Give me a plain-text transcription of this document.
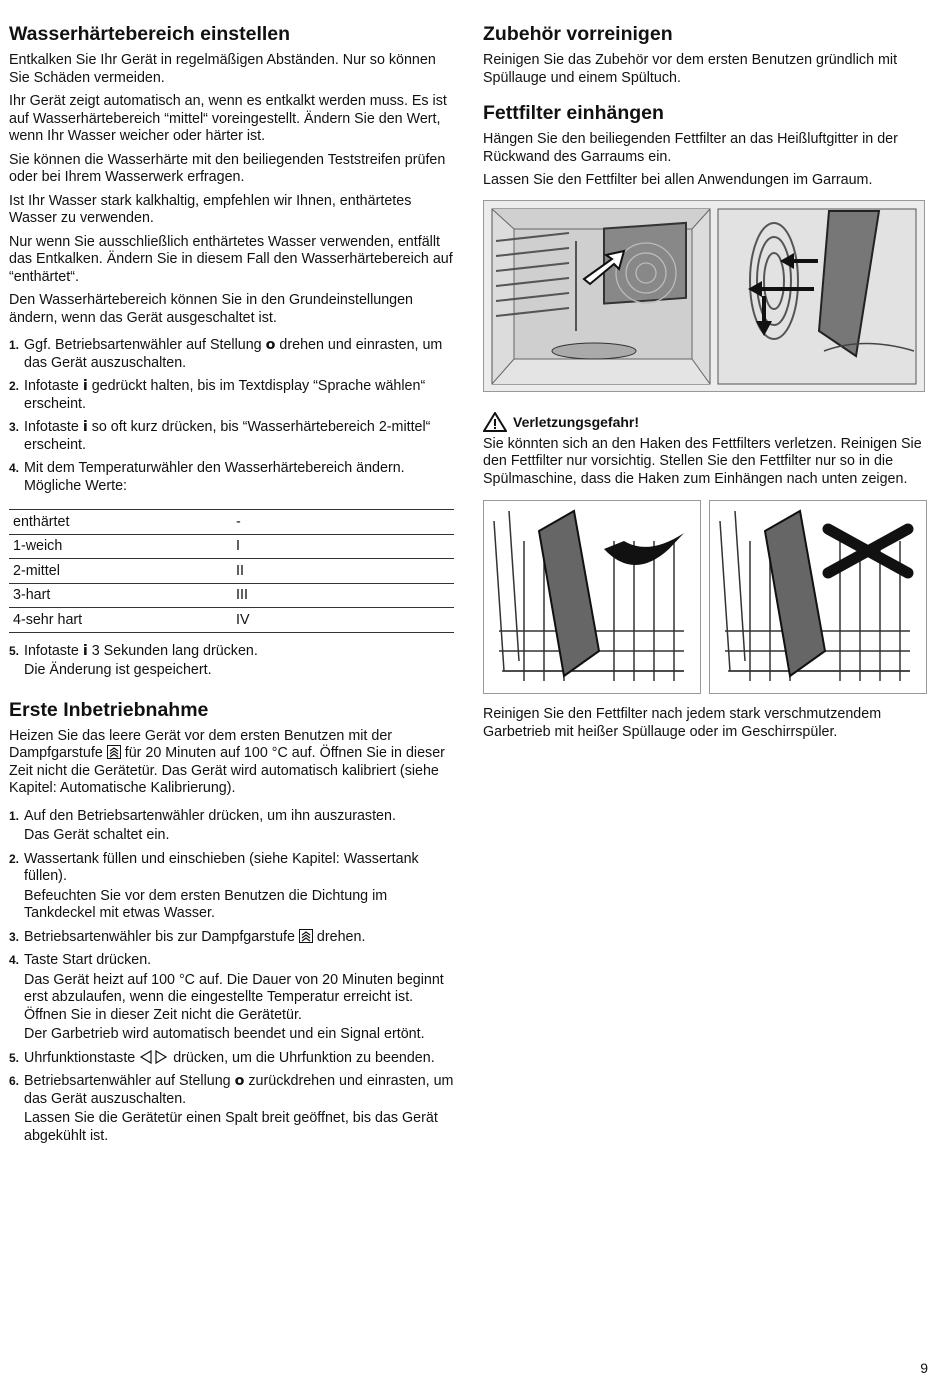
Wasserhärtebereich einstellen

Entkalken Sie Ihr Gerät in regelmäßigen Abständen. Nur so können Sie Schäden vermeiden.

Ihr Gerät zeigt automatisch an, wenn es entkalkt werden muss. Es ist auf Wasserhärtebereich “mittel“ voreingestellt. Ändern Sie den Wert, wenn Ihr Wasser weicher oder härter ist.

Sie können die Wasserhärte mit den beiliegenden Teststreifen prüfen oder bei Ihrem Wasserwerk erfragen.

Ist Ihr Wasser stark kalkhaltig, empfehlen wir Ihnen, enthärtetes Wasser zu verwenden.

Nur wenn Sie ausschließlich enthärtetes Wasser verwenden, entfällt das Entkalken. Ändern Sie in diesem Fall den Wasserhärtebereich auf “enthärtet“.

Den Wasserhärtebereich können Sie in den Grundeinstellungen ändern, wenn das Gerät ausgeschaltet ist.

1. Ggf. Betriebsartenwähler auf Stellung o drehen und einrasten, um das Gerät auszuschalten.
2. Infotaste i gedrückt halten, bis im Textdisplay “Sprache wählen“ erscheint.
3. Infotaste i so oft kurz drücken, bis “Wasserhärtebereich 2-mittel“ erscheint.
4. Mit dem Temperaturwähler den Wasserhärtebereich ändern. Mögliche Werte:
enthärtet	-
1-weich	I
2-mittel	II
3-hart	III
4-sehr hart	IV
5. Infotaste i 3 Sekunden lang drücken.
Die Änderung ist gespeichert.
Erste Inbetriebnahme

Heizen Sie das leere Gerät vor dem ersten Benutzen mit der Dampfgarstufe  für 20 Minuten auf 100 °C auf. Öffnen Sie in dieser Zeit nicht die Gerätetür. Das Gerät wird automatisch kalibriert (siehe Kapitel: Automatische Kalibrierung).

1. Auf den Betriebsartenwähler drücken, um ihn auszurasten.
Das Gerät schaltet ein.
2. Wassertank füllen und einschieben (siehe Kapitel: Wassertank füllen).
Befeuchten Sie vor dem ersten Benutzen die Dichtung im Tankdeckel mit etwas Wasser.
3. Betriebsartenwähler bis zur Dampfgarstufe  drehen.
4. Taste Start drücken.
Das Gerät heizt auf 100 °C auf. Die Dauer von 20 Minuten beginnt erst abzulaufen, wenn die eingestellte Temperatur erreicht ist. Öffnen Sie in dieser Zeit nicht die Gerätetür.
Der Garbetrieb wird automatisch beendet und ein Signal ertönt.
5. Uhrfunktionstaste  drücken, um die Uhrfunktion zu beenden.
6. Betriebsartenwähler auf Stellung o zurückdrehen und einrasten, um das Gerät auszuschalten.
Lassen Sie die Gerätetür einen Spalt breit geöffnet, bis das Gerät abgekühlt ist.
Zubehör vorreinigen

Reinigen Sie das Zubehör vor dem ersten Benutzen gründlich mit Spüllauge und einem Spültuch.

Fettfilter einhängen

Hängen Sie den beiliegenden Fettfilter an das Heißluftgitter in der Rückwand des Garraums ein.

Lassen Sie den Fettfilter bei allen Anwendungen im Garraum.

Verletzungsgefahr!

Sie könnten sich an den Haken des Fettfilters verletzen. Reinigen Sie den Fettfilter nur vorsichtig. Stellen Sie den Fettfilter nur so in die Spülmaschine, dass die Haken zum Einhängen nach unten zeigen.

Reinigen Sie den Fettfilter nach jedem stark verschmutzendem Garbetrieb mit heißer Spüllauge oder im Geschirrspüler.

9
